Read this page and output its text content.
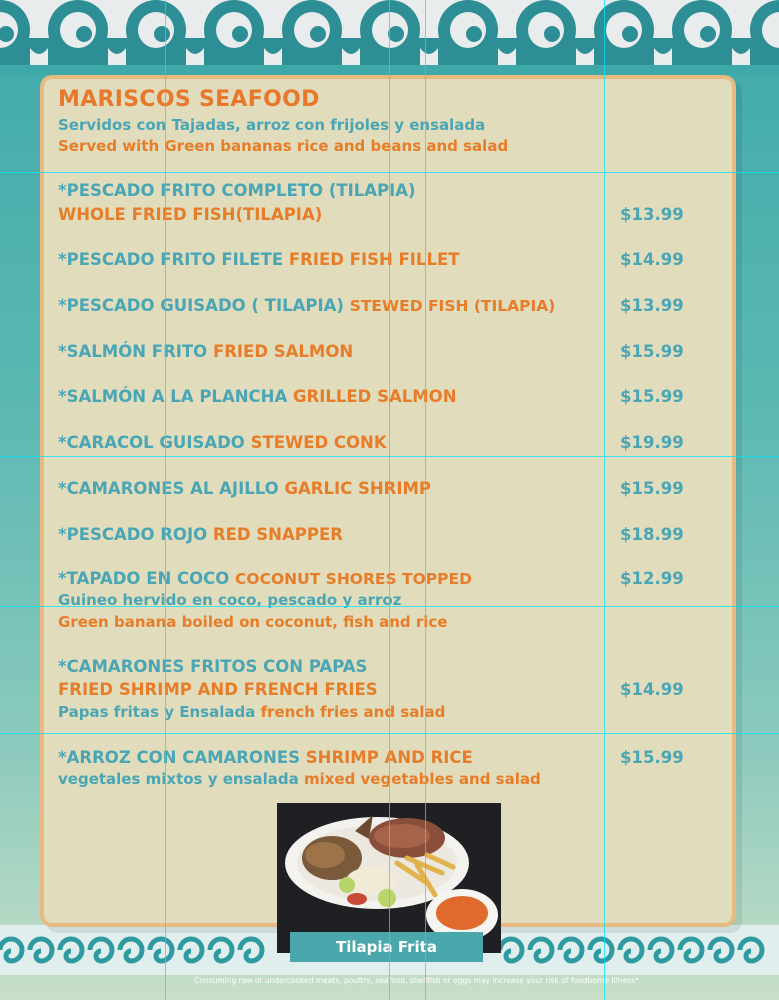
MARISCOS SEAFOOD
Servidos con Tajadas, arroz con frijoles y ensalada
Served with Green bananas rice and beans and salad
*PESCADO FRITO COMPLETO (TILAPIA)
WHOLE FRIED FISH(TILAPIA)	$13.99
*PESCADO FRITO FILETE FRIED FISH FILLET	$14.99
*PESCADO GUISADO ( TILAPIA) STEWED FISH (TILAPIA)	$13.99
*SALMÓN FRITO FRIED SALMON	$15.99
*SALMÓN A LA PLANCHA GRILLED SALMON	$15.99
*CARACOL GUISADO STEWED CONK	$19.99
*CAMARONES AL AJILLO GARLIC SHRIMP	$15.99
*PESCADO ROJO RED SNAPPER	$18.99
*TAPADO EN COCO COCONUT SHORES TOPPED	$12.99
Guineo hervido en coco, pescado y arroz
Green banana boiled on coconut, fish and rice
*CAMARONES FRITOS CON PAPAS
FRIED SHRIMP AND FRENCH FRIES	$14.99
Papas fritas y Ensalada french fries and salad
*ARROZ CON CAMARONES SHRIMP AND RICE	$15.99
vegetales mixtos y ensalada mixed vegetables and salad
Tilapia Frita
Consuming raw or undercooked meats, poultry, seafood, shellfish or eggs may increase your risk of foodborne Illness*
